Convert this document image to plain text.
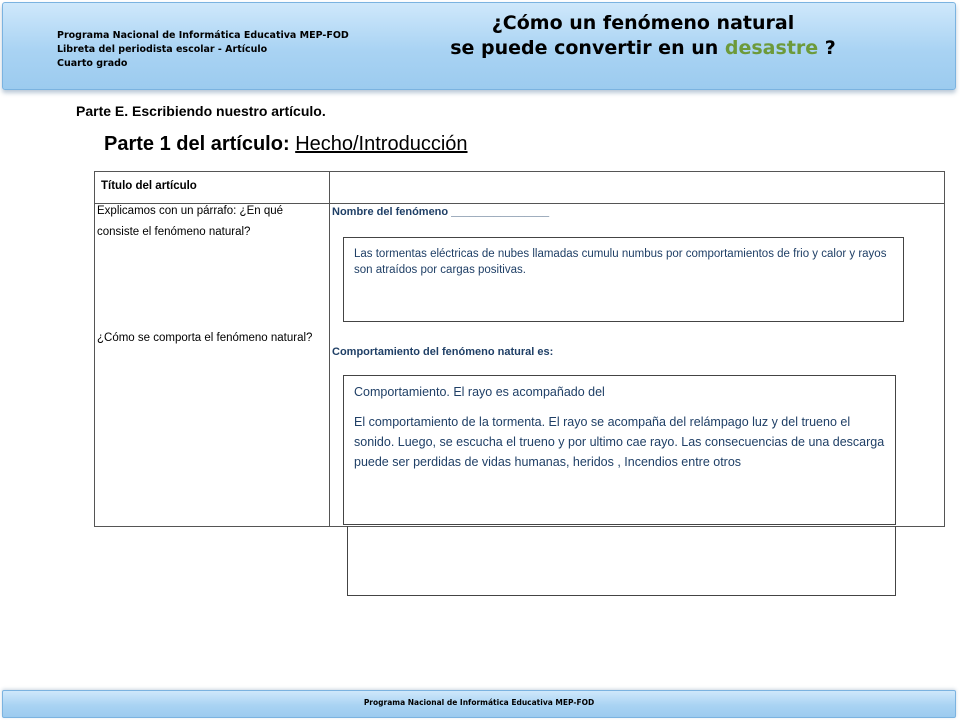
Programa Nacional de Informática Educativa MEP-FOD
Libreta del periodista escolar - Artículo
Cuarto grado
¿Cómo un fenómeno natural
se puede convertir en un desastre ?
Parte E. Escribiendo nuestro artículo.
Parte 1 del artículo: Hecho/Introducción
Título del artículo
Explicamos con un párrafo: ¿En qué consiste el fenómeno natural?
¿Cómo se comporta el fenómeno natural?
Nombre del fenómeno ________________
Las tormentas eléctricas de nubes llamadas cumulu numbus por comportamientos de frio y calor y rayos son atraídos por cargas positivas.
Comportamiento del fenómeno natural es:
Comportamiento. El rayo es acompañado del
El comportamiento de la tormenta. El rayo se acompaña del relámpago luz y del trueno el sonido. Luego, se escucha el trueno y por ultimo cae rayo. Las consecuencias de una descarga puede ser perdidas de vidas humanas, heridos , Incendios entre otros
Programa Nacional de Informática Educativa MEP-FOD
